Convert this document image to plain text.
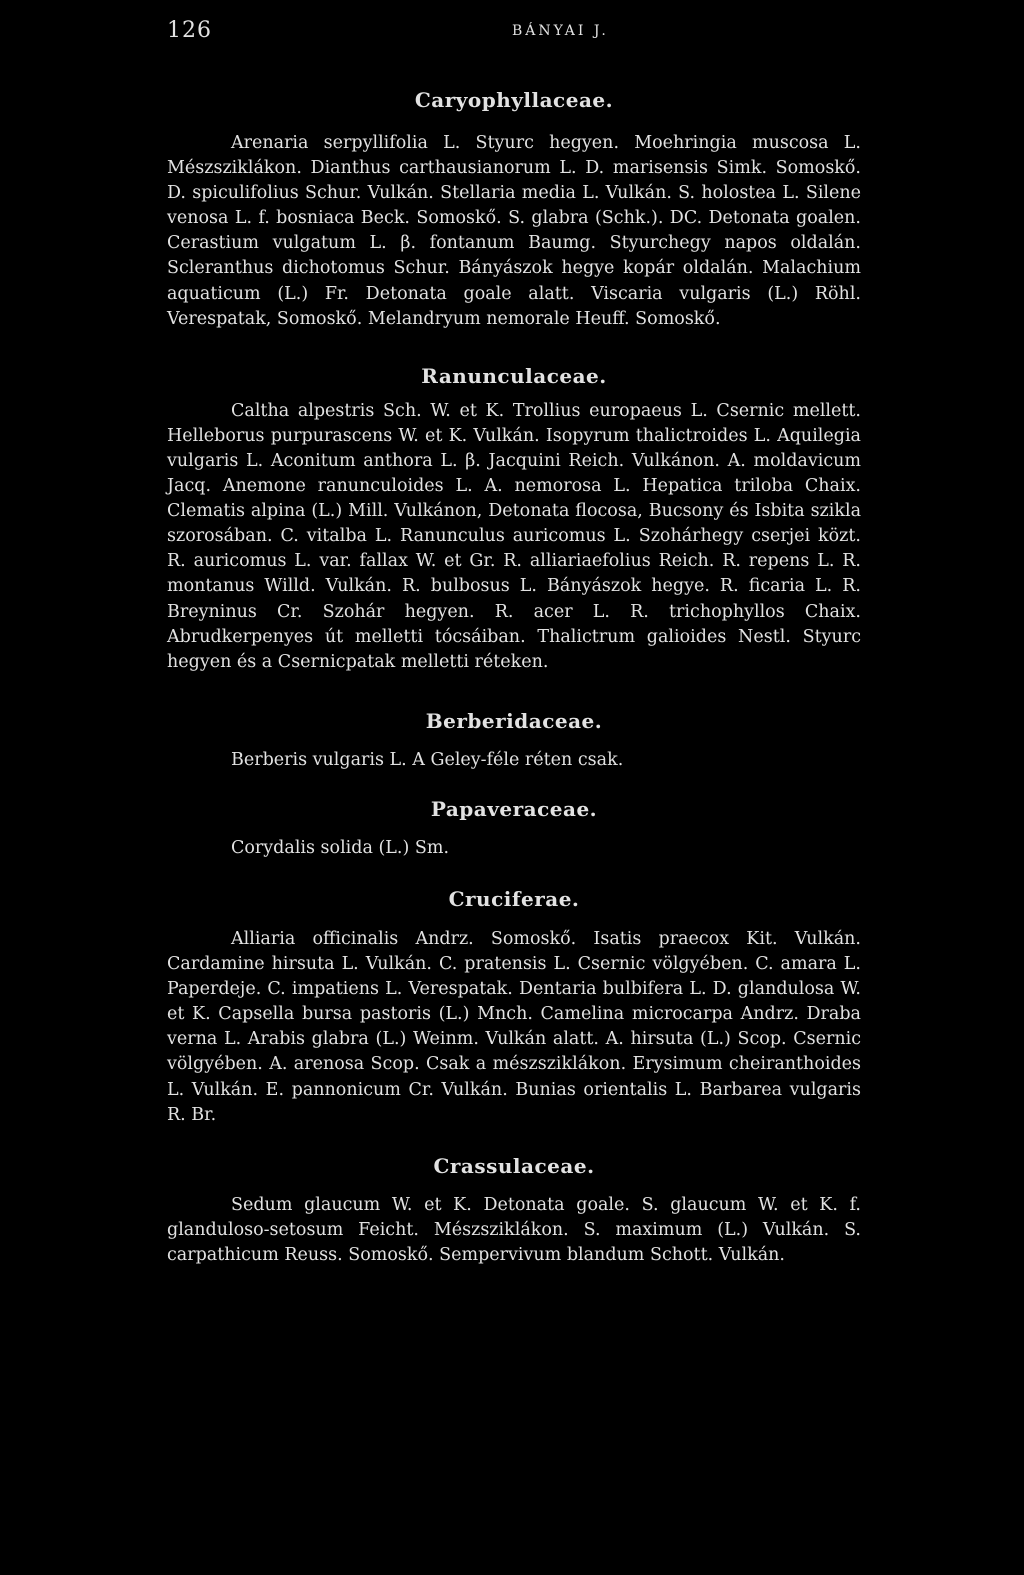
126	BÁNYAI J.
Caryophyllaceae.

Arenaria serpyllifolia L. Styurc hegyen. Moehringia muscosa L. Mészsziklákon. Dianthus carthausianorum L. D. marisensis Simk. Somoskő. D. spiculifolius Schur. Vulkán. Stellaria media L. Vulkán. S. holostea L. Silene venosa L. f. bosniaca Beck. Somoskő. S. glabra (Schk.). DC. Detonata goalen. Cerastium vulgatum L. β. fontanum Baumg. Styurchegy napos oldalán. Scleranthus dichotomus Schur. Bányászok hegye kopár oldalán. Malachium aquaticum (L.) Fr. Detonata goale alatt. Viscaria vulgaris (L.) Röhl. Verespatak, Somoskő. Melandryum nemorale Heuff. Somoskő.

Ranunculaceae.

Caltha alpestris Sch. W. et K. Trollius europaeus L. Csernic mellett. Helleborus purpurascens W. et K. Vulkán. Isopyrum thalictroides L. Aquilegia vulgaris L. Aconitum anthora L. β. Jacquini Reich. Vulkánon. A. moldavicum Jacq. Anemone ranunculoides L. A. nemorosa L. Hepatica triloba Chaix. Clematis alpina (L.) Mill. Vulkánon, Detonata flocosa, Bucsony és Isbita szikla szorosában. C. vitalba L. Ranunculus auricomus L. Szohárhegy cserjei közt. R. auricomus L. var. fallax W. et Gr. R. alliariaefolius Reich. R. repens L. R. montanus Willd. Vulkán. R. bulbosus L. Bányászok hegye. R. ficaria L. R. Breyninus Cr. Szohár hegyen. R. acer L. R. trichophyllos Chaix. Abrudkerpenyes út melletti tócsáiban. Thalictrum galioides Nestl. Styurc hegyen és a Csernicpatak melletti réteken.

Berberidaceae.

Berberis vulgaris L. A Geley-féle réten csak.

Papaveraceae.

Corydalis solida (L.) Sm.

Cruciferae.

Alliaria officinalis Andrz. Somoskő. Isatis praecox Kit. Vulkán. Cardamine hirsuta L. Vulkán. C. pratensis L. Csernic völgyében. C. amara L. Paperdeje. C. impatiens L. Verespatak. Dentaria bulbifera L. D. glandulosa W. et K. Capsella bursa pastoris (L.) Mnch. Camelina microcarpa Andrz. Draba verna L. Arabis glabra (L.) Weinm. Vulkán alatt. A. hirsuta (L.) Scop. Csernic völgyében. A. arenosa Scop. Csak a mészsziklákon. Erysimum cheiranthoides L. Vulkán. E. pannonicum Cr. Vulkán. Bunias orientalis L. Barbarea vulgaris R. Br.

Crassulaceae.

Sedum glaucum W. et K. Detonata goale. S. glaucum W. et K. f. glanduloso-setosum Feicht. Mészsziklákon. S. maximum (L.) Vulkán. S. carpathicum Reuss. Somoskő. Sempervivum blandum Schott. Vulkán.
